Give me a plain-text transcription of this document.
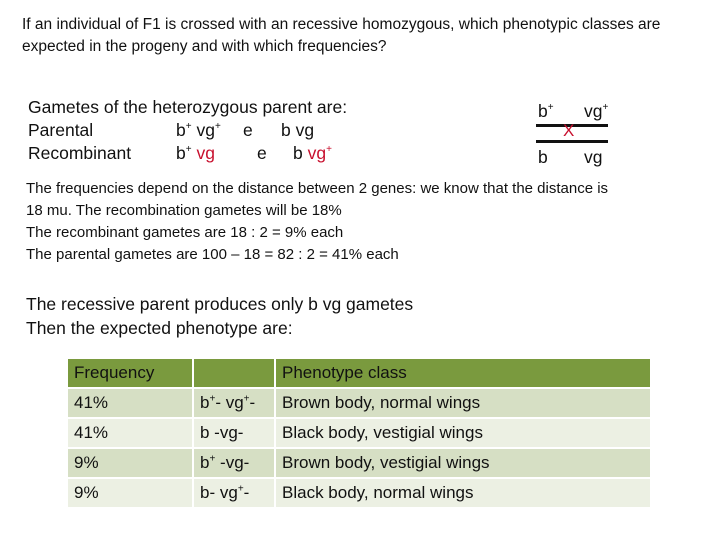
If an individual of F1 is crossed with an recessive homozygous, which phenotypic classes are expected in the progeny and with which frequencies?
Gametes of the heterozygous parent are:
Parental	b+ vg+ e b vg
Recombinant	b+ vg e b vg+
b+ vg+
X
b vg
The frequencies depend on the distance between 2 genes: we know that the distance is
18 mu. The recombination gametes will be 18%
The recombinant gametes are 18 : 2 = 9% each
The parental gametes are 100 – 18 = 82 : 2 = 41% each
The recessive parent produces only b vg gametes
Then the expected phenotype are:
Frequency		Phenotype class
41%	b+- vg+-	Brown body, normal wings
41%	b -vg-	Black body, vestigial wings
9%	b+ -vg-	Brown body, vestigial wings
9%	b- vg+-	Black body, normal wings
